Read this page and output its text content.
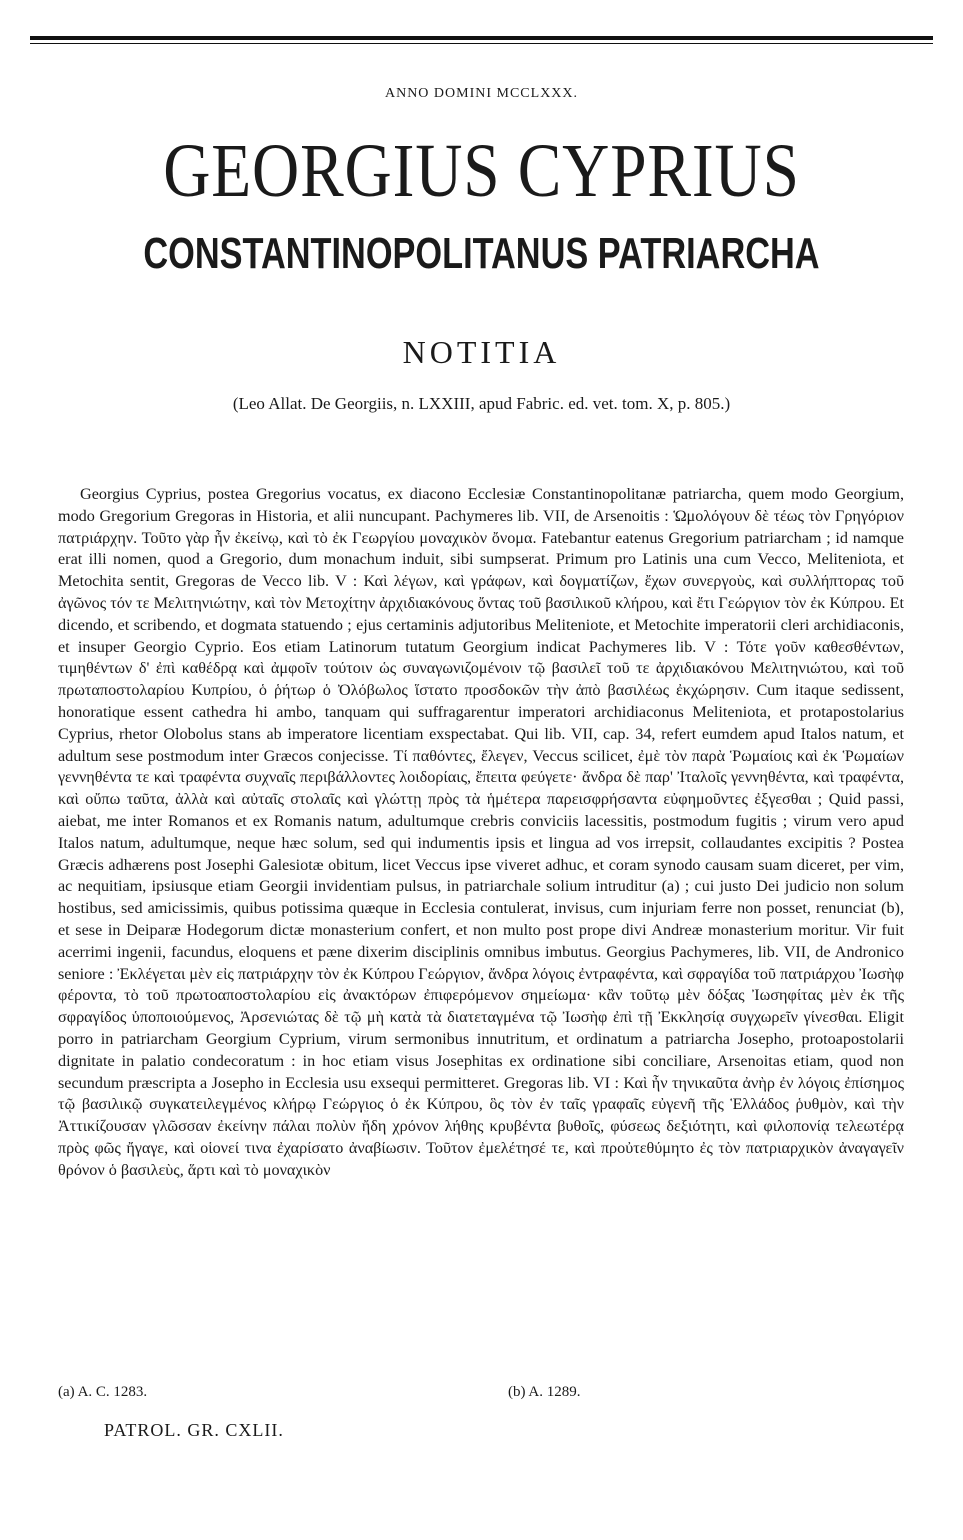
ANNO DOMINI MCCLXXX.
GEORGIUS CYPRIUS
CONSTANTINOPOLITANUS PATRIARCHA
NOTITIA
(Leo Allat. De Georgiis, n. LXXIII, apud Fabric. ed. vet. tom. X, p. 805.)
Georgius Cyprius, postea Gregorius vocatus, ex diacono Ecclesiæ Constantinopolitanæ patriarcha, quem modo Georgium, modo Gregorium Gregoras in Historia, et alii nuncupant. Pachymeres lib. VII, de Arsenoitis : Ὡμολόγουν δὲ τέως τὸν Γρηγόριον πατριάρχην. Τοῦτο γὰρ ἦν ἐκείνῳ, καὶ τὸ ἐκ Γεωργίου μοναχικὸν ὄνομα. Fatebantur eatenus Gregorium patriarcham ; id namque erat illi nomen, quod a Gregorio, dum monachum induit, sibi sumpserat. Primum pro Latinis una cum Vecco, Meliteniota, et Metochita sentit, Gregoras de Vecco lib. V : Καὶ λέγων, καὶ γράφων, καὶ δογματίζων, ἔχων συνεργοὺς, καὶ συλλήπτορας τοῦ ἀγῶνος τόν τε Μελιτηνιώτην, καὶ τὸν Μετοχίτην ἀρχιδιακόνους ὄντας τοῦ βασιλικοῦ κλήρου, καὶ ἔτι Γεώργιον τὸν ἐκ Κύπρου. Et dicendo, et scribendo, et dogmata statuendo ; ejus certaminis adjutoribus Meliteniote, et Metochite imperatorii cleri archidiaconis, et insuper Georgio Cyprio. Eos etiam Latinorum tutatum Georgium indicat Pachymeres lib. V : Τότε γοῦν καθεσθέντων, τιμηθέντων δ' ἐπὶ καθέδρᾳ καὶ ἀμφοῖν τούτοιν ὡς συναγωνιζομένοιν τῷ βασιλεῖ τοῦ τε ἀρχιδιακόνου Μελιτηνιώτου, καὶ τοῦ πρωταποστολαρίου Κυπρίου, ὁ ῥήτωρ ὁ Ὀλόβωλος ἵστατο προσδοκῶν τὴν ἀπὸ βασιλέως ἐκχώρησιν. Cum itaque sedissent, honoratique essent cathedra hi ambo, tanquam qui suffragarentur imperatori archidiaconus Meliteniota, et protapostolarius Cyprius, rhetor Olobolus stans ab imperatore licentiam exspectabat. Qui lib. VII, cap. 34, refert eumdem apud Italos natum, et adultum sese postmodum inter Græcos conjecisse. Τί παθόντες, ἔλεγεν, Veccus scilicet, ἐμὲ τὸν παρὰ Ῥωμαίοις καὶ ἐκ Ῥωμαίων γεννηθέντα τε καὶ τραφέντα συχναῖς περιβάλλοντες λοιδορίαις, ἔπειτα φεύγετε· ἄνδρα δὲ παρ' Ἰταλοῖς γεννηθέντα, καὶ τραφέντα, καὶ οὔπω ταῦτα, ἀλλὰ καὶ αὐταῖς στολαῖς καὶ γλώττῃ πρὸς τὰ ἡμέτερα παρεισφρήσαντα εὐφημοῦντες ἐξγεσθαι ; Quid passi, aiebat, me inter Romanos et ex Romanis natum, adultumque crebris conviciis lacessitis, postmodum fugitis ; virum vero apud Italos natum, adultumque, neque hæc solum, sed qui indumentis ipsis et lingua ad vos irrepsit, collaudantes excipitis ? Postea Græcis adhærens post Josephi Galesiotæ obitum, licet Veccus ipse viveret adhuc, et coram synodo causam suam diceret, per vim, ac nequitiam, ipsiusque etiam Georgii invidentiam pulsus, in patriarchale solium intruditur (a) ; cui justo Dei judicio non solum hostibus, sed amicissimis, quibus potissima quæque in Ecclesia contulerat, invisus, cum injuriam ferre non posset, renunciat (b), et sese in Deiparæ Hodegorum dictæ monasterium confert, et non multo post prope divi Andreæ monasterium moritur. Vir fuit acerrimi ingenii, facundus, eloquens et pæne dixerim disciplinis omnibus imbutus. Georgius Pachymeres, lib. VII, de Andronico seniore : Ἐκλέγεται μὲν εἰς πατριάρχην τὸν ἐκ Κύπρου Γεώργιον, ἄνδρα λόγοις ἐντραφέντα, καὶ σφραγίδα τοῦ πατριάρχου Ἰωσὴφ φέροντα, τὸ τοῦ πρωτοαποστολαρίου εἰς ἀνακτόρων ἐπιφερόμενον σημείωμα· κἂν τοῦτῳ μὲν δόξας Ἰωσηφίτας μὲν ἐκ τῆς σφραγίδος ὑποποιούμενος, Ἀρσενιώτας δὲ τῷ μὴ κατὰ τὰ διατεταγμένα τῷ Ἰωσὴφ ἐπὶ τῇ Ἐκκλησίᾳ συγχωρεῖν γίνεσθαι. Eligit porro in patriarcham Georgium Cyprium, virum sermonibus innutritum, et ordinatum a patriarcha Josepho, protoapostolarii dignitate in palatio condecoratum : in hoc etiam visus Josephitas ex ordinatione sibi conciliare, Arsenoitas etiam, quod non secundum præscripta a Josepho in Ecclesia usu exsequi permitteret. Gregoras lib. VI : Καὶ ἦν τηνικαῦτα ἀνὴρ ἐν λόγοις ἐπίσημος τῷ βασιλικῷ συγκατειλεγμένος κλήρῳ Γεώργιος ὁ ἐκ Κύπρου, ὃς τὸν ἐν ταῖς γραφαῖς εὐγενῆ τῆς Ἑλλάδος ῥυθμὸν, καὶ τὴν Ἀττικίζουσαν γλῶσσαν ἐκείνην πάλαι πολὺν ἤδη χρόνον λήθης κρυβέντα βυθοῖς, φύσεως δεξιότητι, καὶ φιλοπονίᾳ τελεωτέρᾳ πρὸς φῶς ἤγαγε, καὶ οἱονεί τινα ἐχαρίσατο ἀναβίωσιν. Τοῦτον ἐμελέτησέ τε, καὶ προὐτεθύμητο ἐς τὸν πατριαρχικὸν ἀναγαγεῖν θρόνον ὁ βασιλεὺς, ἅρτι καὶ τὸ μοναχικὸν
(a) A. C. 1283.	(b) A. 1289.
PATROL. GR. CXLII.
